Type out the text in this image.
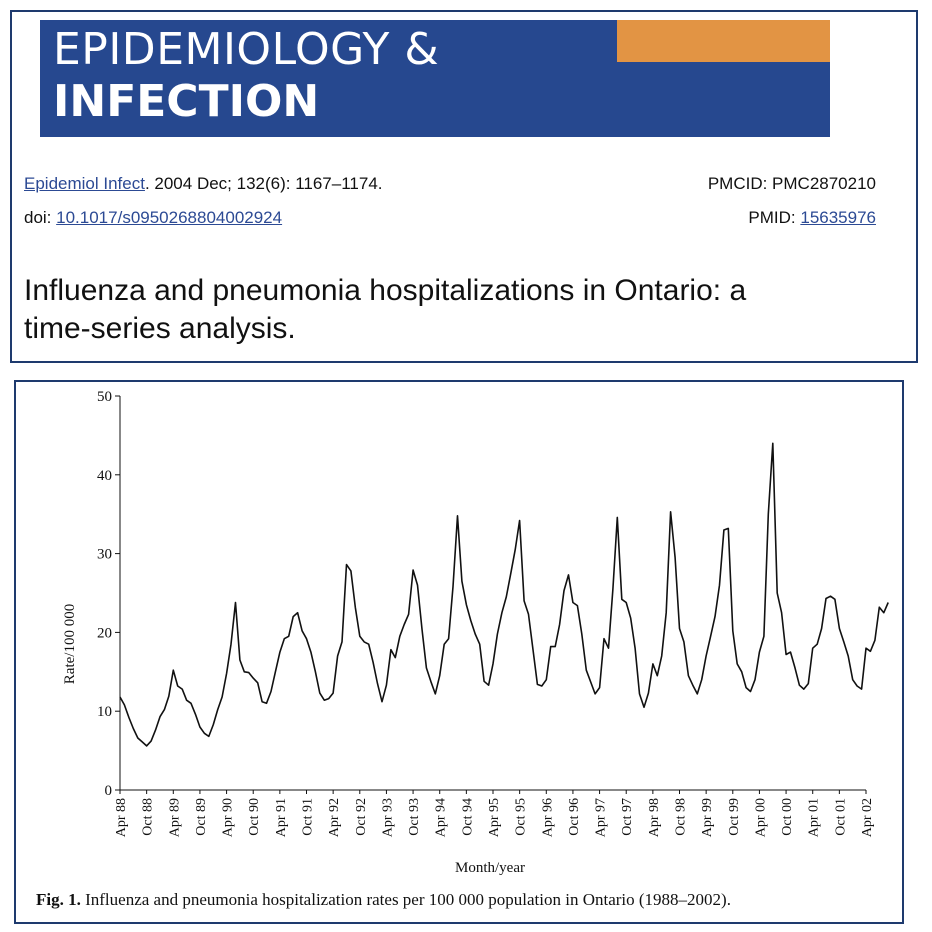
EPIDEMIOLOGY &
INFECTION
Epidemiol Infect. 2004 Dec; 132(6): 1167–1174.	PMCID: PMC2870210
doi: 10.1017/s0950268804002924	PMID: 15635976
Influenza and pneumonia hospitalizations in Ontario: a
time-series analysis.
0
10
20
30
40
50
Apr 88 Oct 88 Apr 89 Oct 89 Apr 90 Oct 90 Apr 91 Oct 91 Apr 92 Oct 92 Apr 93 Oct 93 Apr 94 Oct 94 Apr 95 Oct 95 Apr 96 Oct 96 Apr 97 Oct 97 Apr 98 Oct 98 Apr 99 Oct 99 Apr 00 Oct 00 Apr 01 Oct 01 Apr 02
Rate/100 000
Month/year
Fig. 1. Influenza and pneumonia hospitalization rates per 100 000 population in Ontario (1988–2002).
